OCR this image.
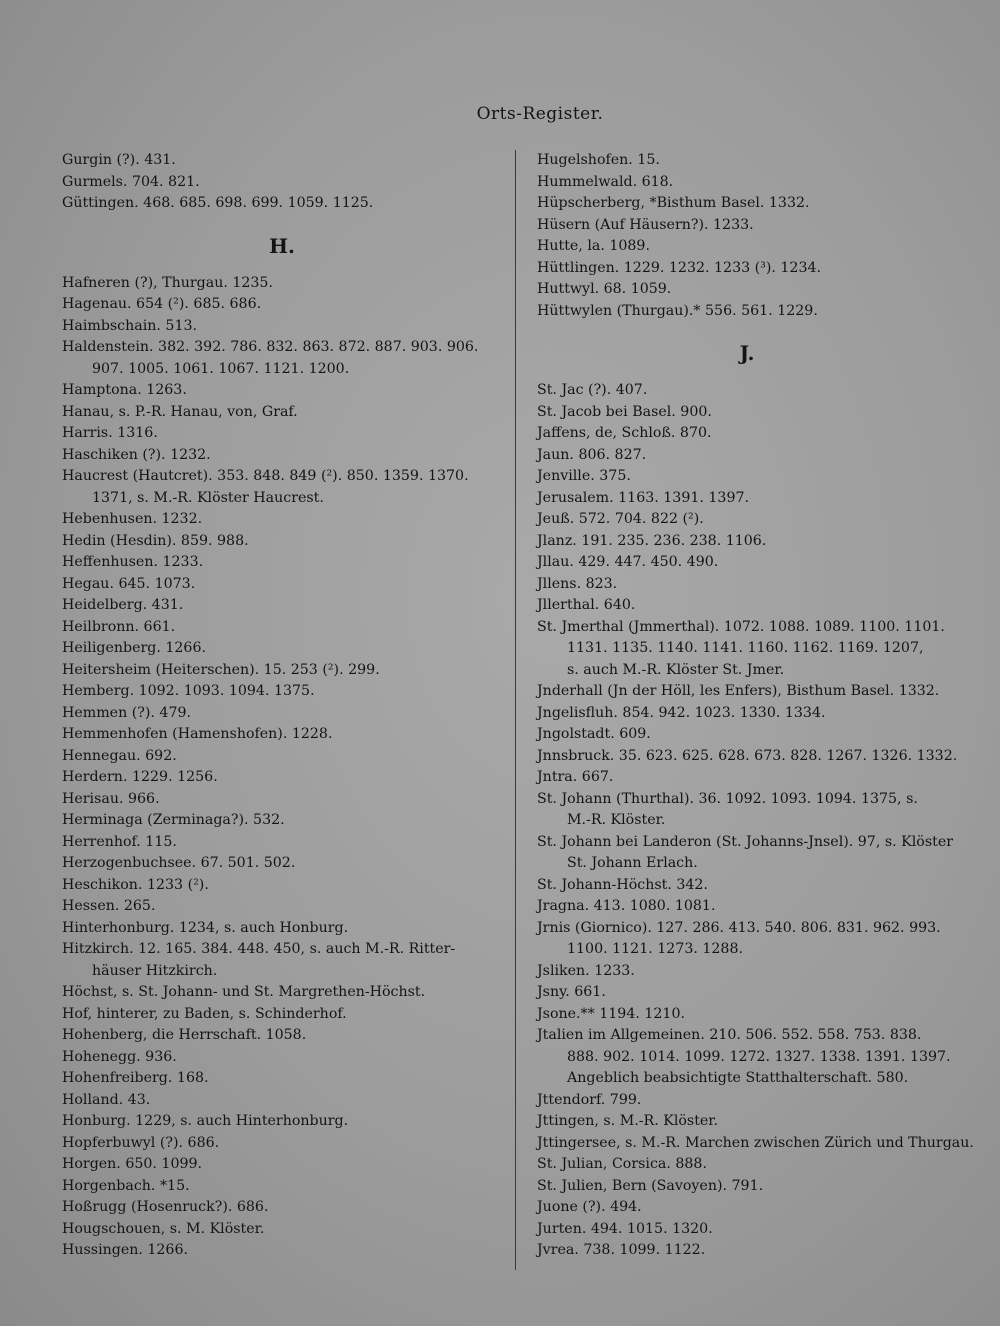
Orts-Register.
Gurgin (?). 431.
Gurmels. 704. 821.
Güttingen. 468. 685. 698. 699. 1059. 1125.
H.
Hafneren (?), Thurgau. 1235.
Hagenau. 654 (²). 685. 686.
Haimbschain. 513.
Haldenstein. 382. 392. 786. 832. 863. 872. 887. 903. 906.
907. 1005. 1061. 1067. 1121. 1200.
Hamptona. 1263.
Hanau, s. P.-R. Hanau, von, Graf.
Harris. 1316.
Haschiken (?). 1232.
Haucrest (Hautcret). 353. 848. 849 (²). 850. 1359. 1370.
1371, s. M.-R. Klöster Haucrest.
Hebenhusen. 1232.
Hedin (Hesdin). 859. 988.
Heffenhusen. 1233.
Hegau. 645. 1073.
Heidelberg. 431.
Heilbronn. 661.
Heiligenberg. 1266.
Heitersheim (Heiterschen). 15. 253 (²). 299.
Hemberg. 1092. 1093. 1094. 1375.
Hemmen (?). 479.
Hemmenhofen (Hamenshofen). 1228.
Hennegau. 692.
Herdern. 1229. 1256.
Herisau. 966.
Herminaga (Zerminaga?). 532.
Herrenhof. 115.
Herzogenbuchsee. 67. 501. 502.
Heschikon. 1233 (²).
Hessen. 265.
Hinterhonburg. 1234, s. auch Honburg.
Hitzkirch. 12. 165. 384. 448. 450, s. auch M.-R. Ritter-
häuser Hitzkirch.
Höchst, s. St. Johann- und St. Margrethen-Höchst.
Hof, hinterer, zu Baden, s. Schinderhof.
Hohenberg, die Herrschaft. 1058.
Hohenegg. 936.
Hohenfreiberg. 168.
Holland. 43.
Honburg. 1229, s. auch Hinterhonburg.
Hopferbuwyl (?). 686.
Horgen. 650. 1099.
Horgenbach. *15.
Hoßrugg (Hosenruck?). 686.
Hougschouen, s. M. Klöster.
Hussingen. 1266.
Hugelshofen. 15.
Hummelwald. 618.
Hüpscherberg, *Bisthum Basel. 1332.
Hüsern (Auf Häusern?). 1233.
Hutte, la. 1089.
Hüttlingen. 1229. 1232. 1233 (³). 1234.
Huttwyl. 68. 1059.
Hüttwylen (Thurgau).* 556. 561. 1229.
J.
St. Jac (?). 407.
St. Jacob bei Basel. 900.
Jaffens, de, Schloß. 870.
Jaun. 806. 827.
Jenville. 375.
Jerusalem. 1163. 1391. 1397.
Jeuß. 572. 704. 822 (²).
Jlanz. 191. 235. 236. 238. 1106.
Jllau. 429. 447. 450. 490.
Jllens. 823.
Jllerthal. 640.
St. Jmerthal (Jmmerthal). 1072. 1088. 1089. 1100. 1101.
1131. 1135. 1140. 1141. 1160. 1162. 1169. 1207,
s. auch M.-R. Klöster St. Jmer.
Jnderhall (Jn der Höll, les Enfers), Bisthum Basel. 1332.
Jngelisfluh. 854. 942. 1023. 1330. 1334.
Jngolstadt. 609.
Jnnsbruck. 35. 623. 625. 628. 673. 828. 1267. 1326. 1332.
Jntra. 667.
St. Johann (Thurthal). 36. 1092. 1093. 1094. 1375, s.
M.-R. Klöster.
St. Johann bei Landeron (St. Johanns-Jnsel). 97, s. Klöster
St. Johann Erlach.
St. Johann-Höchst. 342.
Jragna. 413. 1080. 1081.
Jrnis (Giornico). 127. 286. 413. 540. 806. 831. 962. 993.
1100. 1121. 1273. 1288.
Jsliken. 1233.
Jsny. 661.
Jsone.** 1194. 1210.
Jtalien im Allgemeinen. 210. 506. 552. 558. 753. 838.
888. 902. 1014. 1099. 1272. 1327. 1338. 1391. 1397.
Angeblich beabsichtigte Statthalterschaft. 580.
Jttendorf. 799.
Jttingen, s. M.-R. Klöster.
Jttingersee, s. M.-R. Marchen zwischen Zürich und Thurgau.
St. Julian, Corsica. 888.
St. Julien, Bern (Savoyen). 791.
Juone (?). 494.
Jurten. 494. 1015. 1320.
Jvrea. 738. 1099. 1122.
